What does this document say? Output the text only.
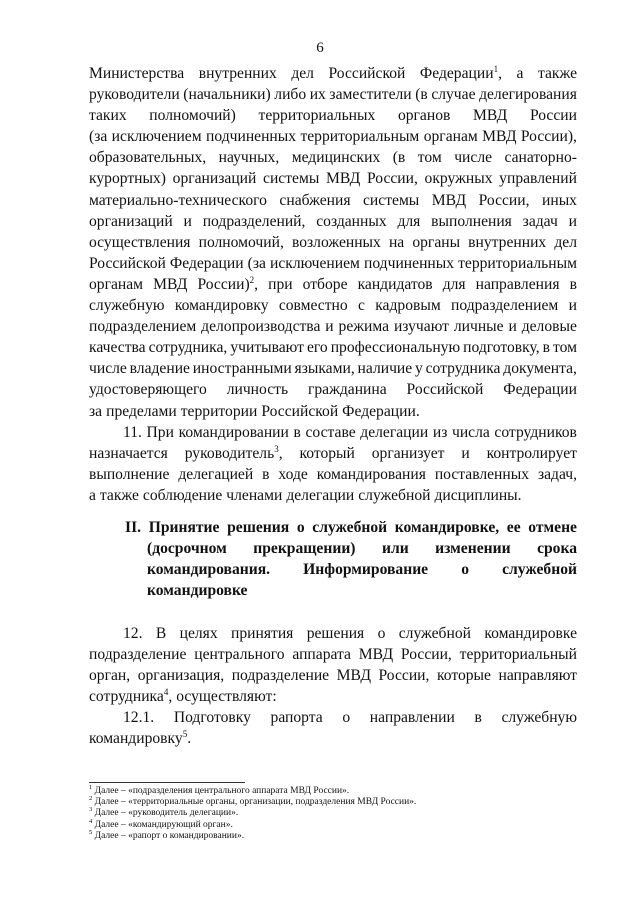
6
Министерства внутренних дел Российской Федерации$^1$, а также
руководители (начальники) либо их заместители (в случае делегирования
таких полномочий) территориальных органов МВД России
(за исключением подчиненных территориальным органам МВД России),
образовательных, научных, медицинских (в том числе санаторно-
курортных) организаций системы МВД России, окружных управлений
материально-технического снабжения системы МВД России, иных
организаций и подразделений, созданных для выполнения задач и
осуществления полномочий, возложенных на органы внутренних дел
Российской Федерации (за исключением подчиненных территориальным
органам МВД России)$^2$, при отборе кандидатов для направления в
служебную командировку совместно с кадровым подразделением и
подразделением делопроизводства и режима изучают личные и деловые
качества сотрудника, учитывают его профессиональную подготовку, в том
числе владение иностранными языками, наличие у сотрудника документа,
удостоверяющего личность гражданина Российской Федерации
за пределами территории Российской Федерации.
11. При командировании в составе делегации из числа сотрудников
назначается руководитель$^3$, который организует и контролирует
выполнение делегацией в ходе командирования поставленных задач,
а также соблюдение членами делегации служебной дисциплины.
II. Принятие решения о служебной командировке, ее отмене
(досрочном прекращении) или изменении срока
командирования. Информирование о служебной
командировке
12. В целях принятия решения о служебной командировке
подразделение центрального аппарата МВД России, территориальный
орган, организация, подразделение МВД России, которые направляют
сотрудника$^4$, осуществляют:
12.1. Подготовку рапорта о направлении в служебную
командировку$^5$.
$^1$ Далее – «подразделения центрального аппарата МВД России».
$^2$ Далее – «территориальные органы, организации, подразделения МВД России».
$^3$ Далее – «руководитель делегации».
$^4$ Далее – «командирующий орган».
$^5$ Далее – «рапорт о командировании».
